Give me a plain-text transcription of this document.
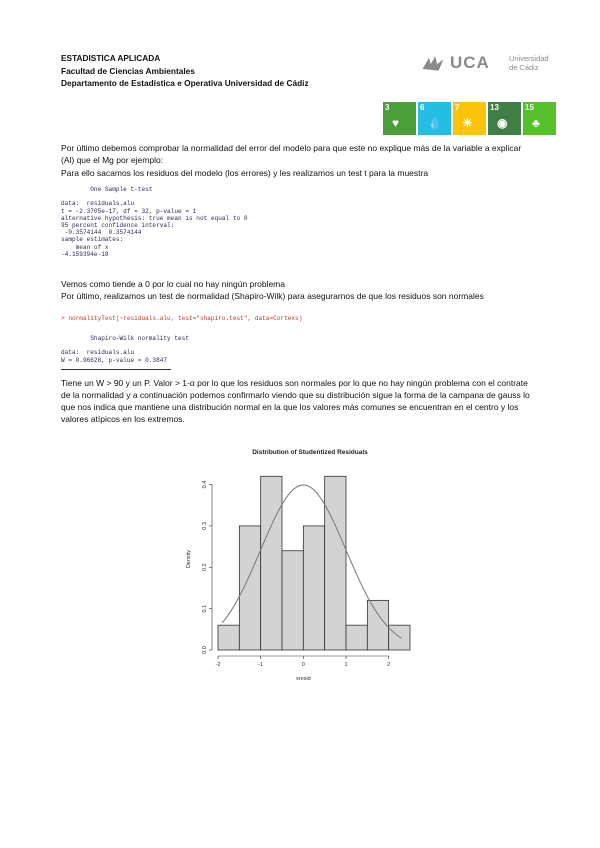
ESTADISTICA APLICADA
Facultad de Ciencias Ambientales
Departamento de Estadística e Operativa Universidad de Cádiz
UCA	Universidad
de Cádiz
3
♥
6
💧
7
☀
13
◉
15
♣
Por último debemos comprobar la normalidad del error del modelo para que este no explique más de la variable a explicar (Al) que el Mg por ejemplo:
Para ello sacamos los residuos del modelo (los errores) y les realizamos un test t para la muestra
One Sample t-test

data:  residuals.alu
t = -2.3705e-17, df = 32, p-value = 1
alternative hypothesis: true mean is not equal to 0
95 percent confidence interval:
-0.3574144  0.3574144
sample estimates:
mean of x
-4.159394e-18
Vemos como tiende a 0 por lo cual no hay ningún problema
Por último, realizamos un test de normalidad (Shapiro-Wilk) para asegurarnos de que los residuos son normales
> normalityTest(~residuals.alu, test="shapiro.test", data=Cortexs)
Shapiro-Wilk normality test

data:  residuals.alu
W = 0.96628, p-value = 0.3847
Tiene un W > 90 y un P. Valor > 1-α por lo que los residuos son normales por lo que no hay ningún problema con el contrate de la normalidad y a continuación podemos confirmarlo viendo que su distribución sigue la forma de la campana de gauss lo que nos indica que mantiene una distribución normal en la que los valores más comunes se encuentran en el centro y los valores atípicos en los extremos.
Distribution of Studentized Residuals
-2	-1	0	1	2
sresid
0.0
0.1
0.2
0.3
0.4
Density
